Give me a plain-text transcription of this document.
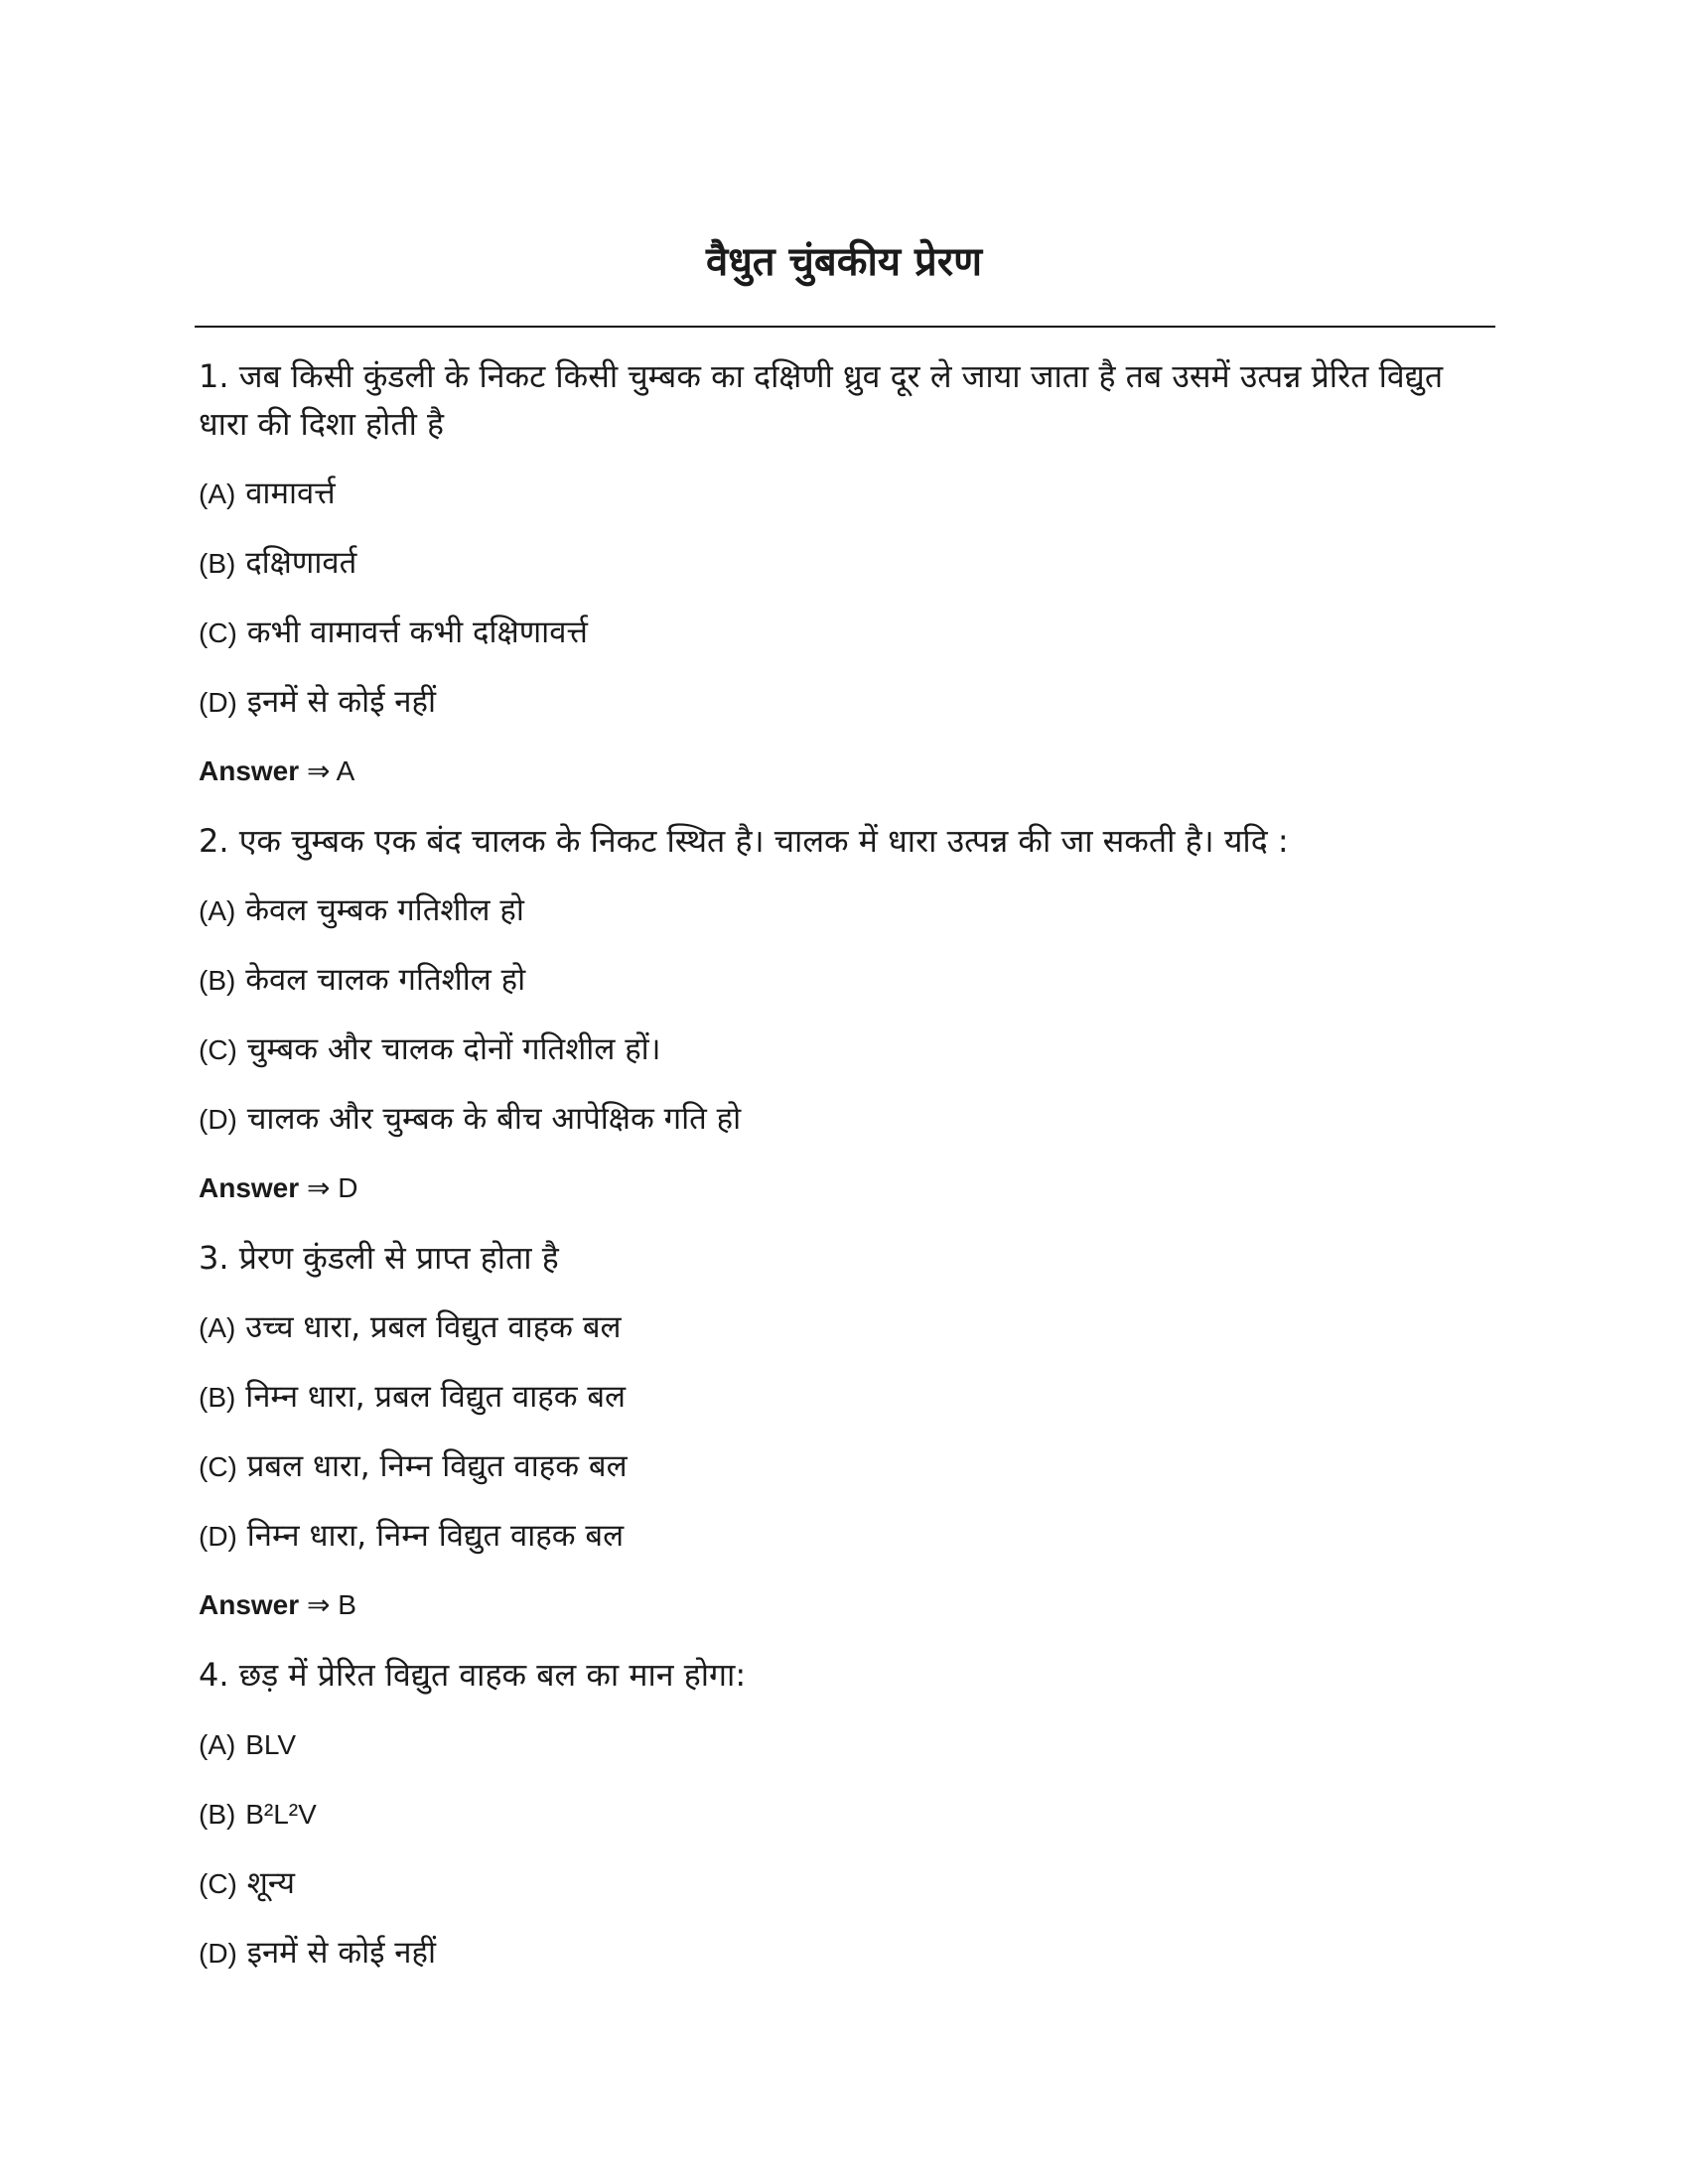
वैधुत चुंबकीय प्रेरण
1. जब किसी कुंडली के निकट किसी चुम्बक का दक्षिणी ध्रुव दूर ले जाया जाता है तब उसमें उत्पन्न प्रेरित विद्युत धारा की दिशा होती है
(A) वामावर्त्त
(B) दक्षिणावर्त
(C) कभी वामावर्त्त कभी दक्षिणावर्त्त
(D) इनमें से कोई नहीं
Answer ⇒ A
2. एक चुम्बक एक बंद चालक के निकट स्थित है। चालक में धारा उत्पन्न की जा सकती है। यदि :
(A) केवल चुम्बक गतिशील हो
(B) केवल चालक गतिशील हो
(C) चुम्बक और चालक दोनों गतिशील हों।
(D) चालक और चुम्बक के बीच आपेक्षिक गति हो
Answer ⇒ D
3. प्रेरण कुंडली से प्राप्त होता है
(A) उच्च धारा, प्रबल विद्युत वाहक बल
(B) निम्न धारा, प्रबल विद्युत वाहक बल
(C) प्रबल धारा, निम्न विद्युत वाहक बल
(D) निम्न धारा, निम्न विद्युत वाहक बल
Answer ⇒ B
4. छड़ में प्रेरित विद्युत वाहक बल का मान होगा:
(A) BLV
(B) B²L²V
(C) शून्य
(D) इनमें से कोई नहीं
